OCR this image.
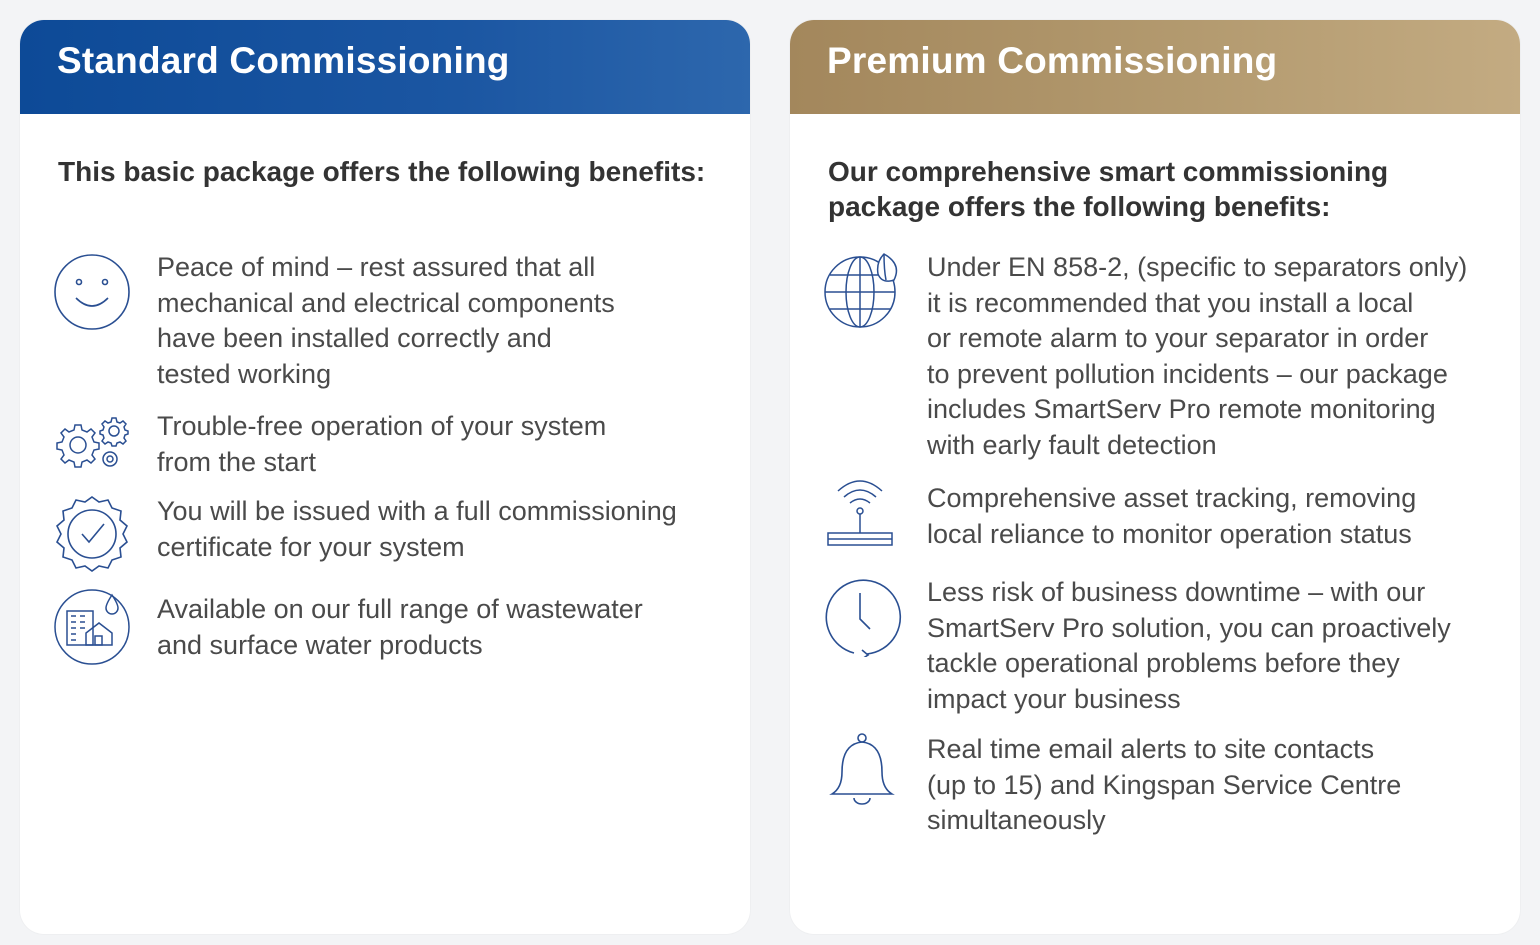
Standard Commissioning
This basic package offers the following benefits:
Peace of mind – rest assured that all
mechanical and electrical components
have been installed correctly and
tested working
Trouble-free operation of your system
from the start
You will be issued with a full commissioning
certificate for your system
Available on our full range of wastewater
and surface water products
Premium Commissioning
Our comprehensive smart commissioning
package offers the following benefits:
Under EN 858-2, (specific to separators only)
it is recommended that you install a local
or remote alarm to your separator in order
to prevent pollution incidents – our package
includes SmartServ Pro remote monitoring
with early fault detection
Comprehensive asset tracking, removing
local reliance to monitor operation status
Less risk of business downtime – with our
SmartServ Pro solution, you can proactively
tackle operational problems before they
impact your business
Real time email alerts to site contacts
(up to 15) and Kingspan Service Centre
simultaneously
